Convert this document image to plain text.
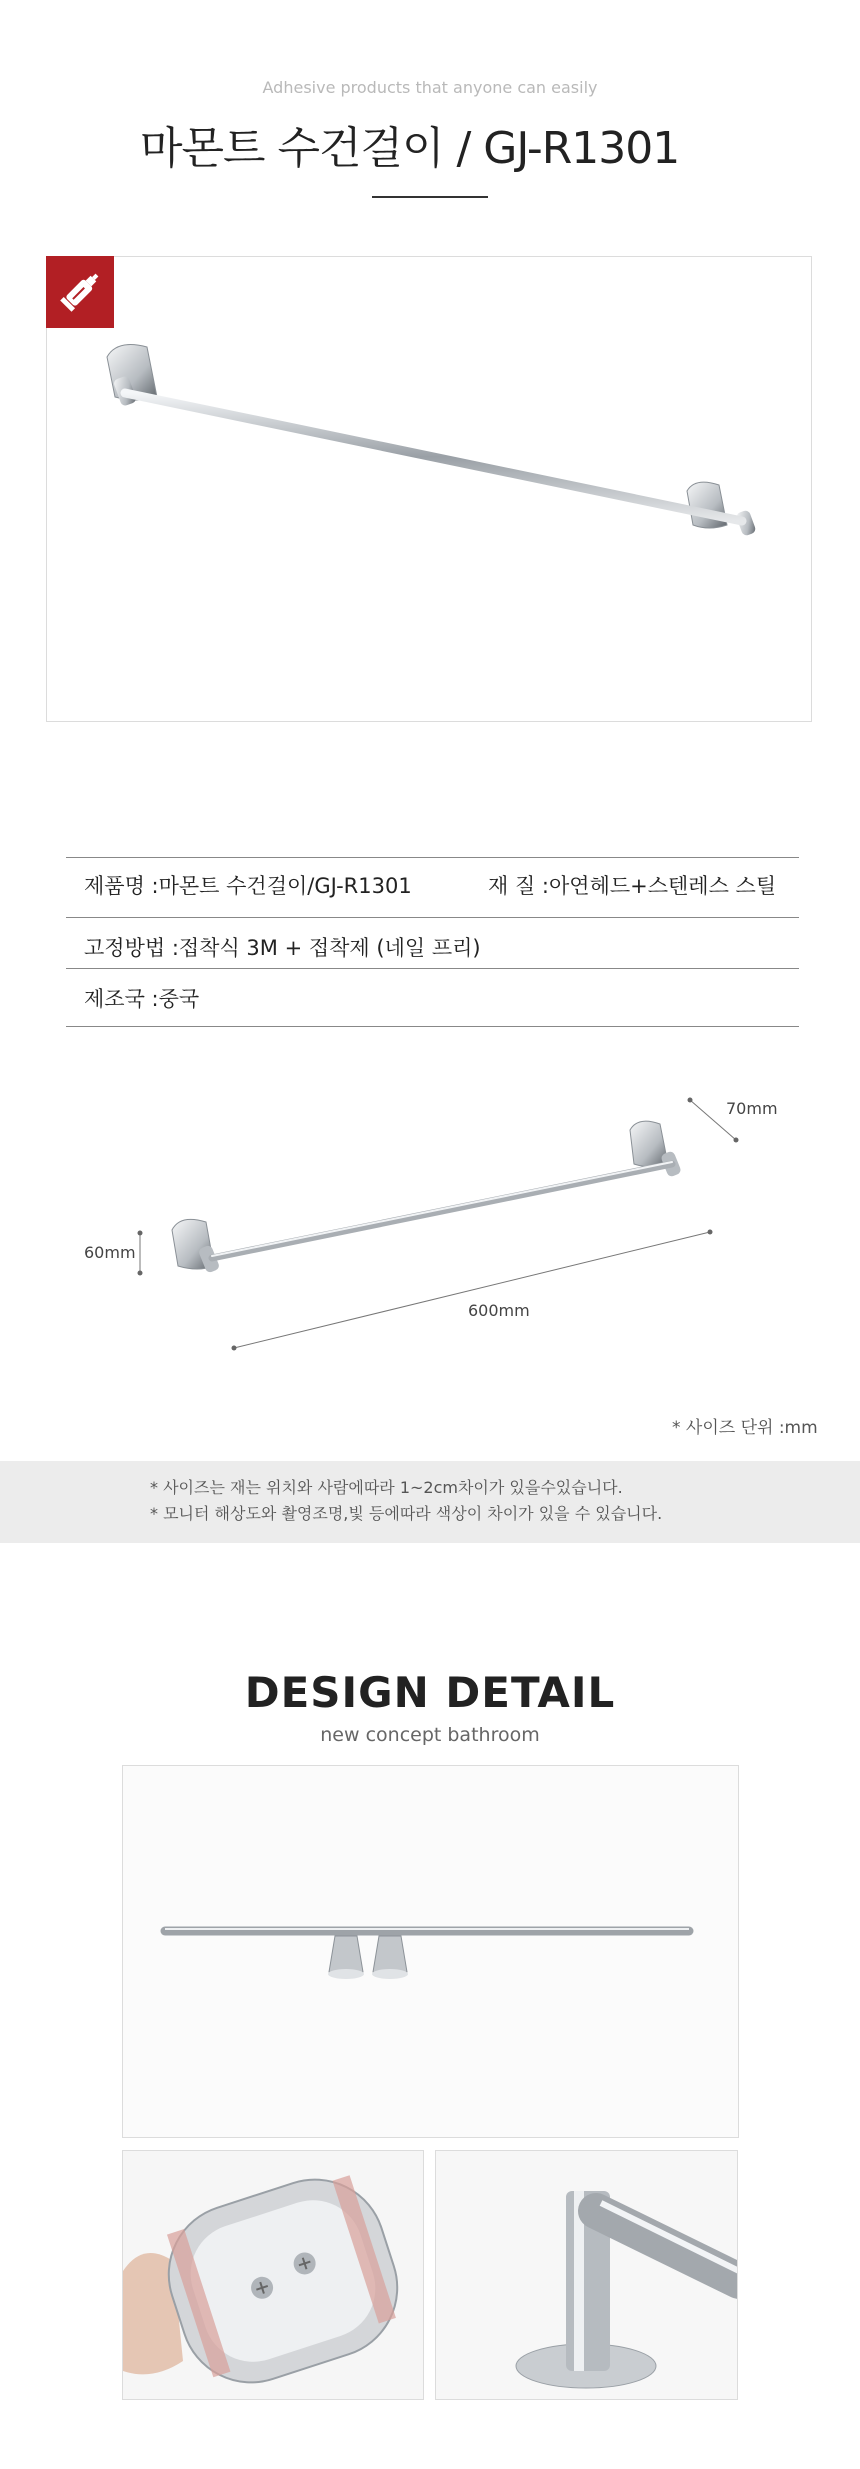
Adhesive products that anyone can easily
마몬트 수건걸이 / GJ-R1301
제품명 :마몬트 수건걸이/GJ-R1301	재 질 :아연헤드+스텐레스 스틸
고정방법 :접착식 3M + 접착제 (네일 프리)
제조국 :중국
70mm
60mm
600mm
* 사이즈 단위 :mm
* 사이즈는 재는 위치와 사람에따라 1~2cm차이가 있을수있습니다.
* 모니터 해상도와 촬영조명,빛 등에따라 색상이 차이가 있을 수 있습니다.
DESIGN DETAIL
new concept bathroom
